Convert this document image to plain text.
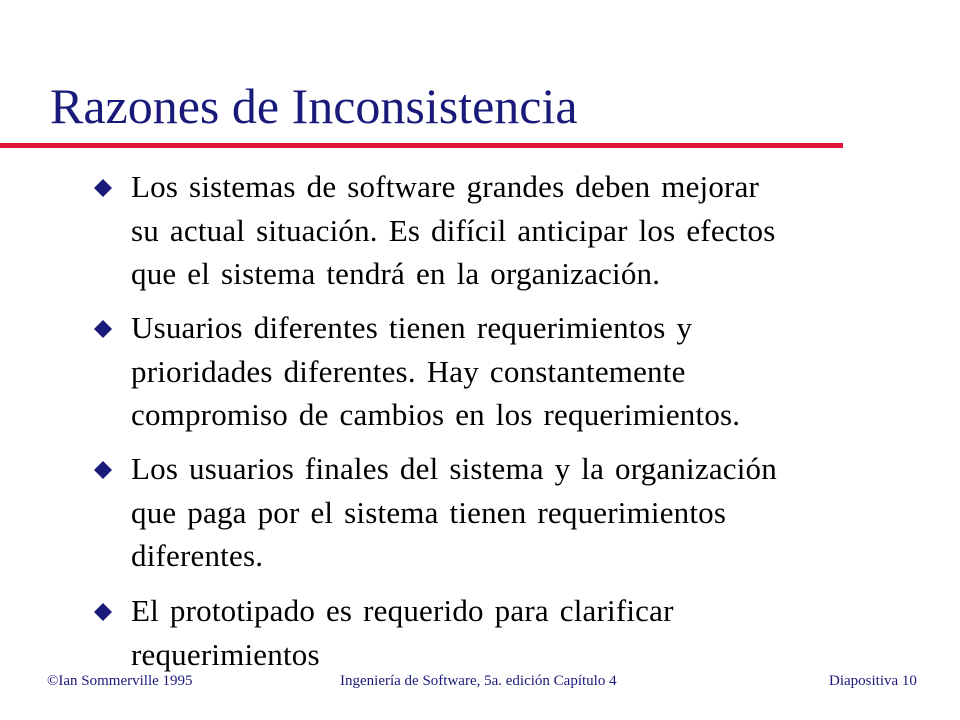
Razones de Inconsistencia
Los sistemas de software grandes deben mejorar
su actual situación. Es difícil anticipar los efectos
que el sistema tendrá en la organización.
Usuarios diferentes tienen requerimientos y
prioridades diferentes. Hay constantemente
compromiso de cambios en los requerimientos.
Los usuarios finales del sistema y la organización
que paga por el sistema tienen requerimientos
diferentes.
El prototipado es requerido para clarificar
requerimientos
©Ian Sommerville 1995	Ingeniería de Software, 5a. edición Capítulo 4	Diapositiva 10
